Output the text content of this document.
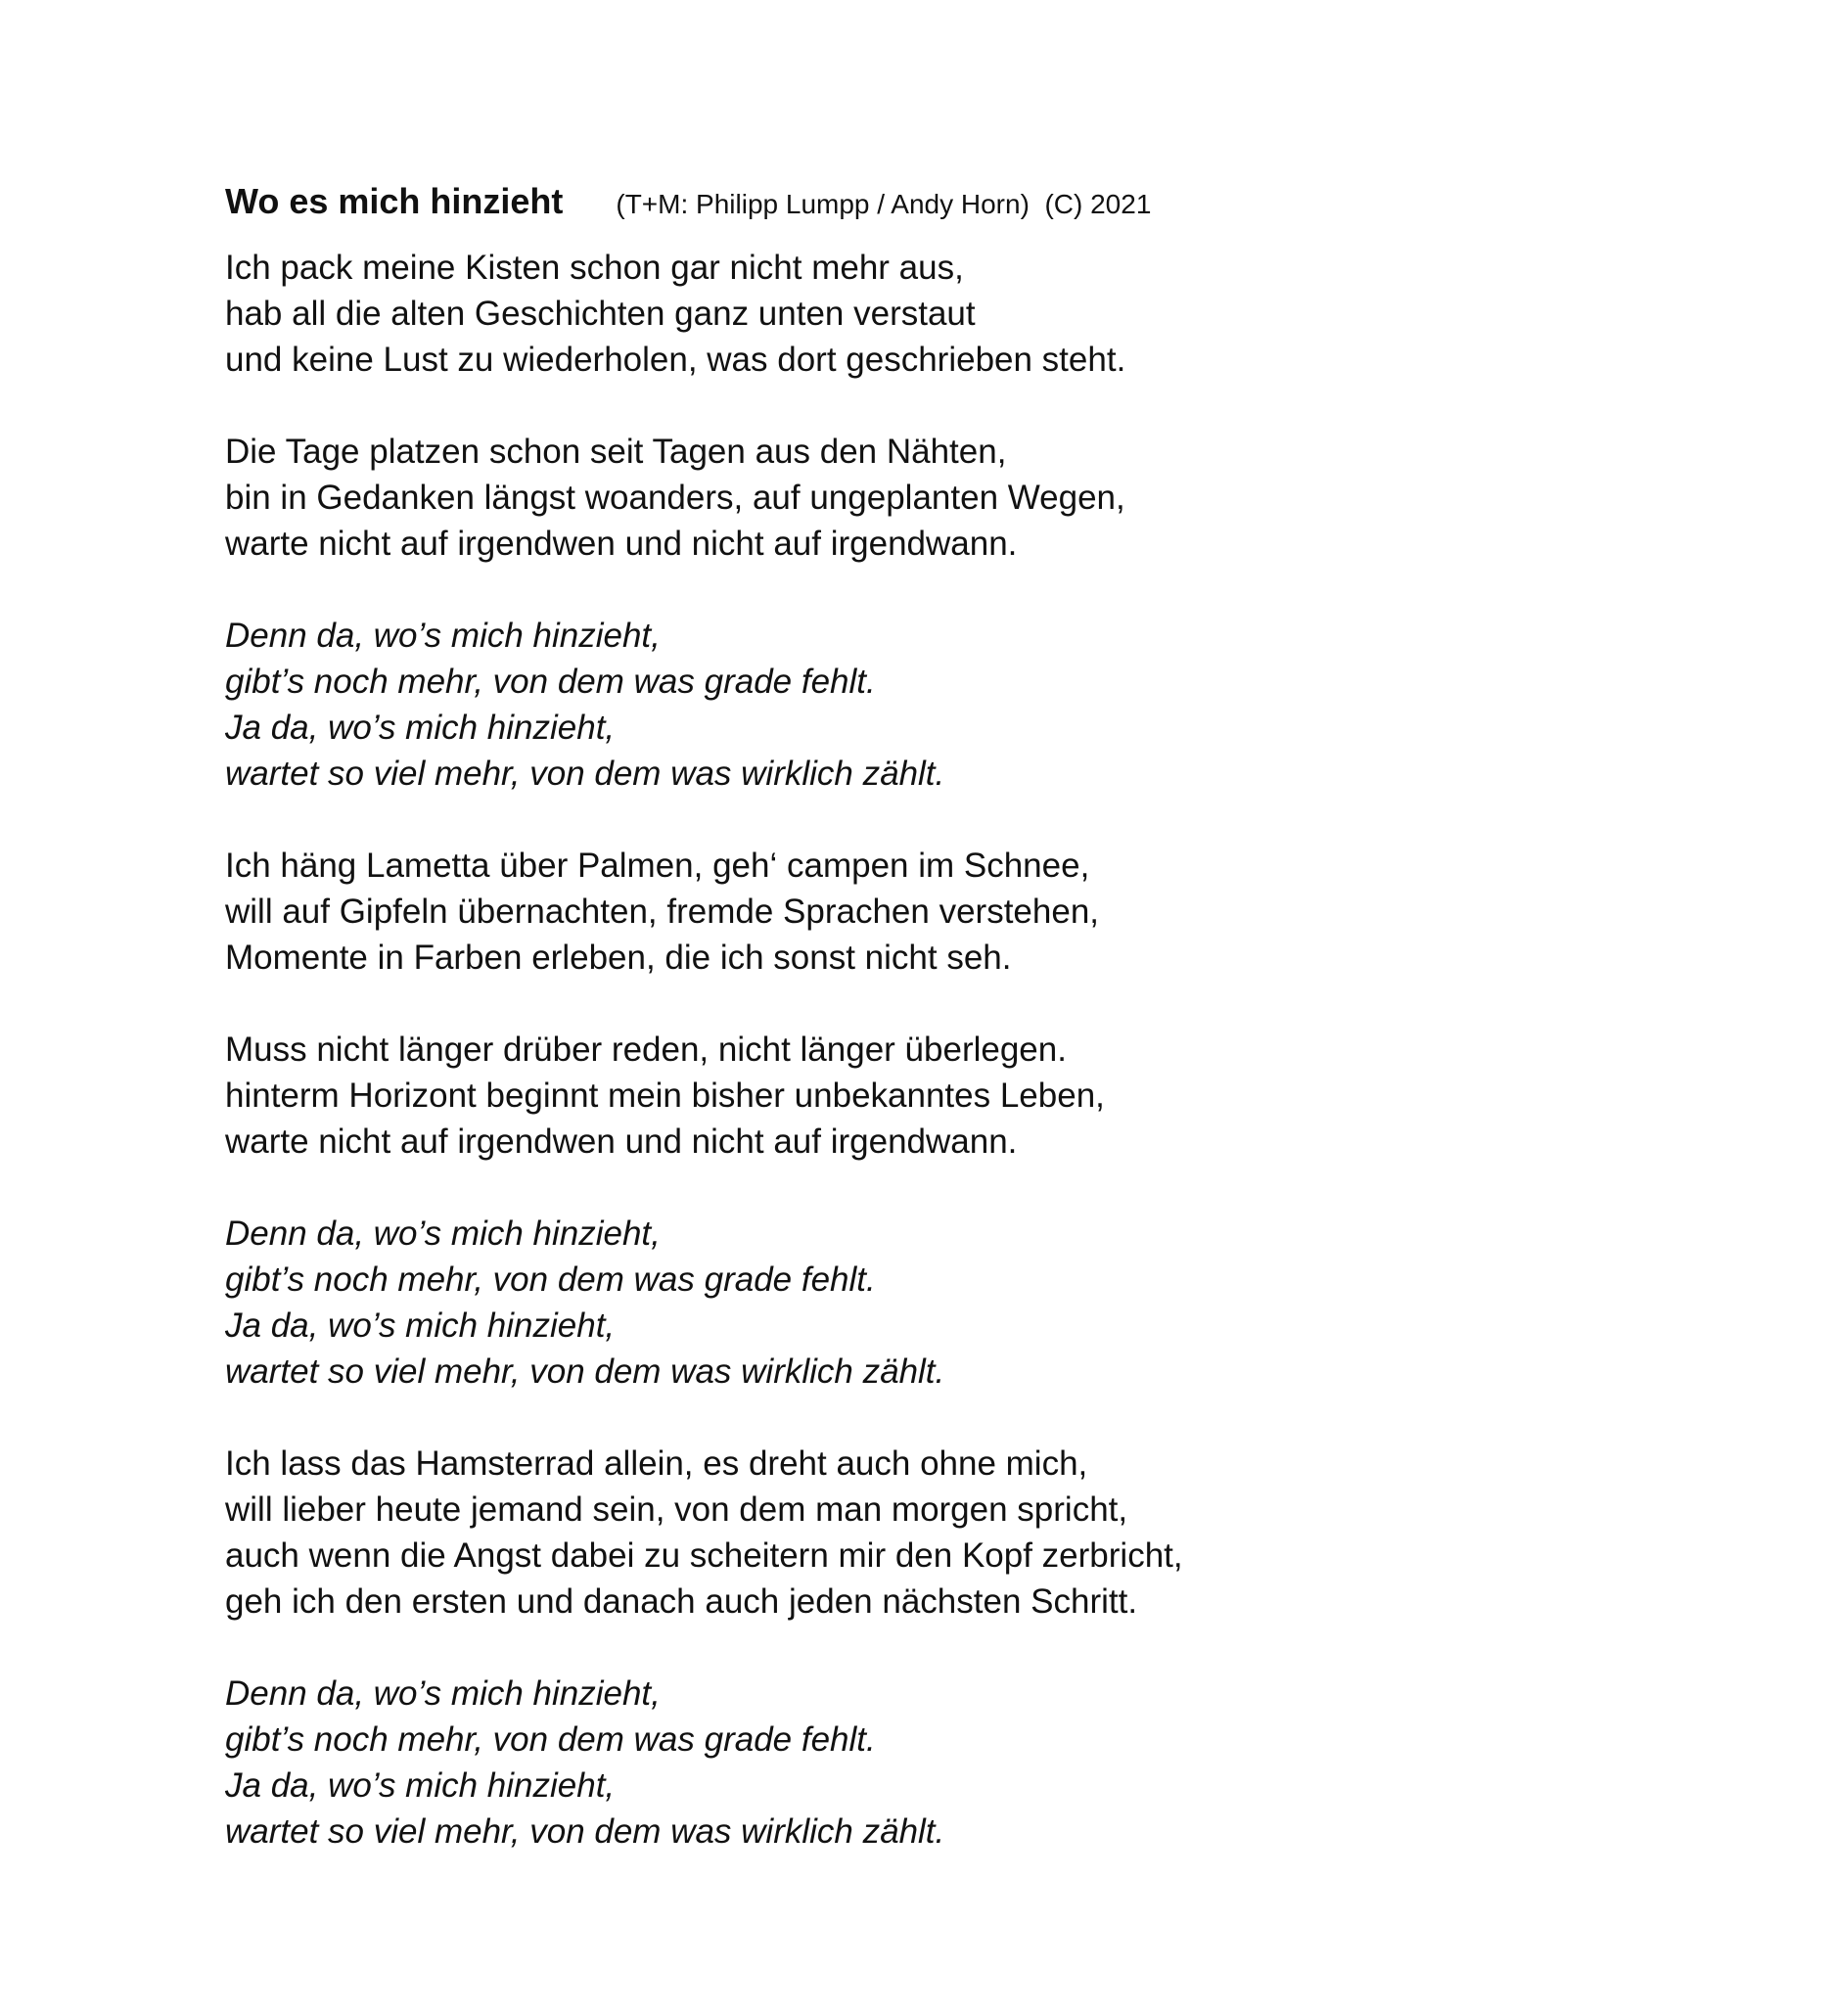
Wo es mich hinzieht (T+M: Philipp Lumpp / Andy Horn)  (C) 2021
Ich pack meine Kisten schon gar nicht mehr aus,
hab all die alten Geschichten ganz unten verstaut
und keine Lust zu wiederholen, was dort geschrieben steht.
Die Tage platzen schon seit Tagen aus den Nähten,
bin in Gedanken längst woanders, auf ungeplanten Wegen,
warte nicht auf irgendwen und nicht auf irgendwann.
Denn da, wo’s mich hinzieht,
gibt’s noch mehr, von dem was grade fehlt.
Ja da, wo’s mich hinzieht,
wartet so viel mehr, von dem was wirklich zählt.
Ich häng Lametta über Palmen, geh‘ campen im Schnee,
will auf Gipfeln übernachten, fremde Sprachen verstehen,
Momente in Farben erleben, die ich sonst nicht seh.
Muss nicht länger drüber reden, nicht länger überlegen.
hinterm Horizont beginnt mein bisher unbekanntes Leben,
warte nicht auf irgendwen und nicht auf irgendwann.
Denn da, wo’s mich hinzieht,
gibt’s noch mehr, von dem was grade fehlt.
Ja da, wo’s mich hinzieht,
wartet so viel mehr, von dem was wirklich zählt.
Ich lass das Hamsterrad allein, es dreht auch ohne mich,
will lieber heute jemand sein, von dem man morgen spricht,
auch wenn die Angst dabei zu scheitern mir den Kopf zerbricht,
geh ich den ersten und danach auch jeden nächsten Schritt.
Denn da, wo’s mich hinzieht,
gibt’s noch mehr, von dem was grade fehlt.
Ja da, wo’s mich hinzieht,
wartet so viel mehr, von dem was wirklich zählt.
